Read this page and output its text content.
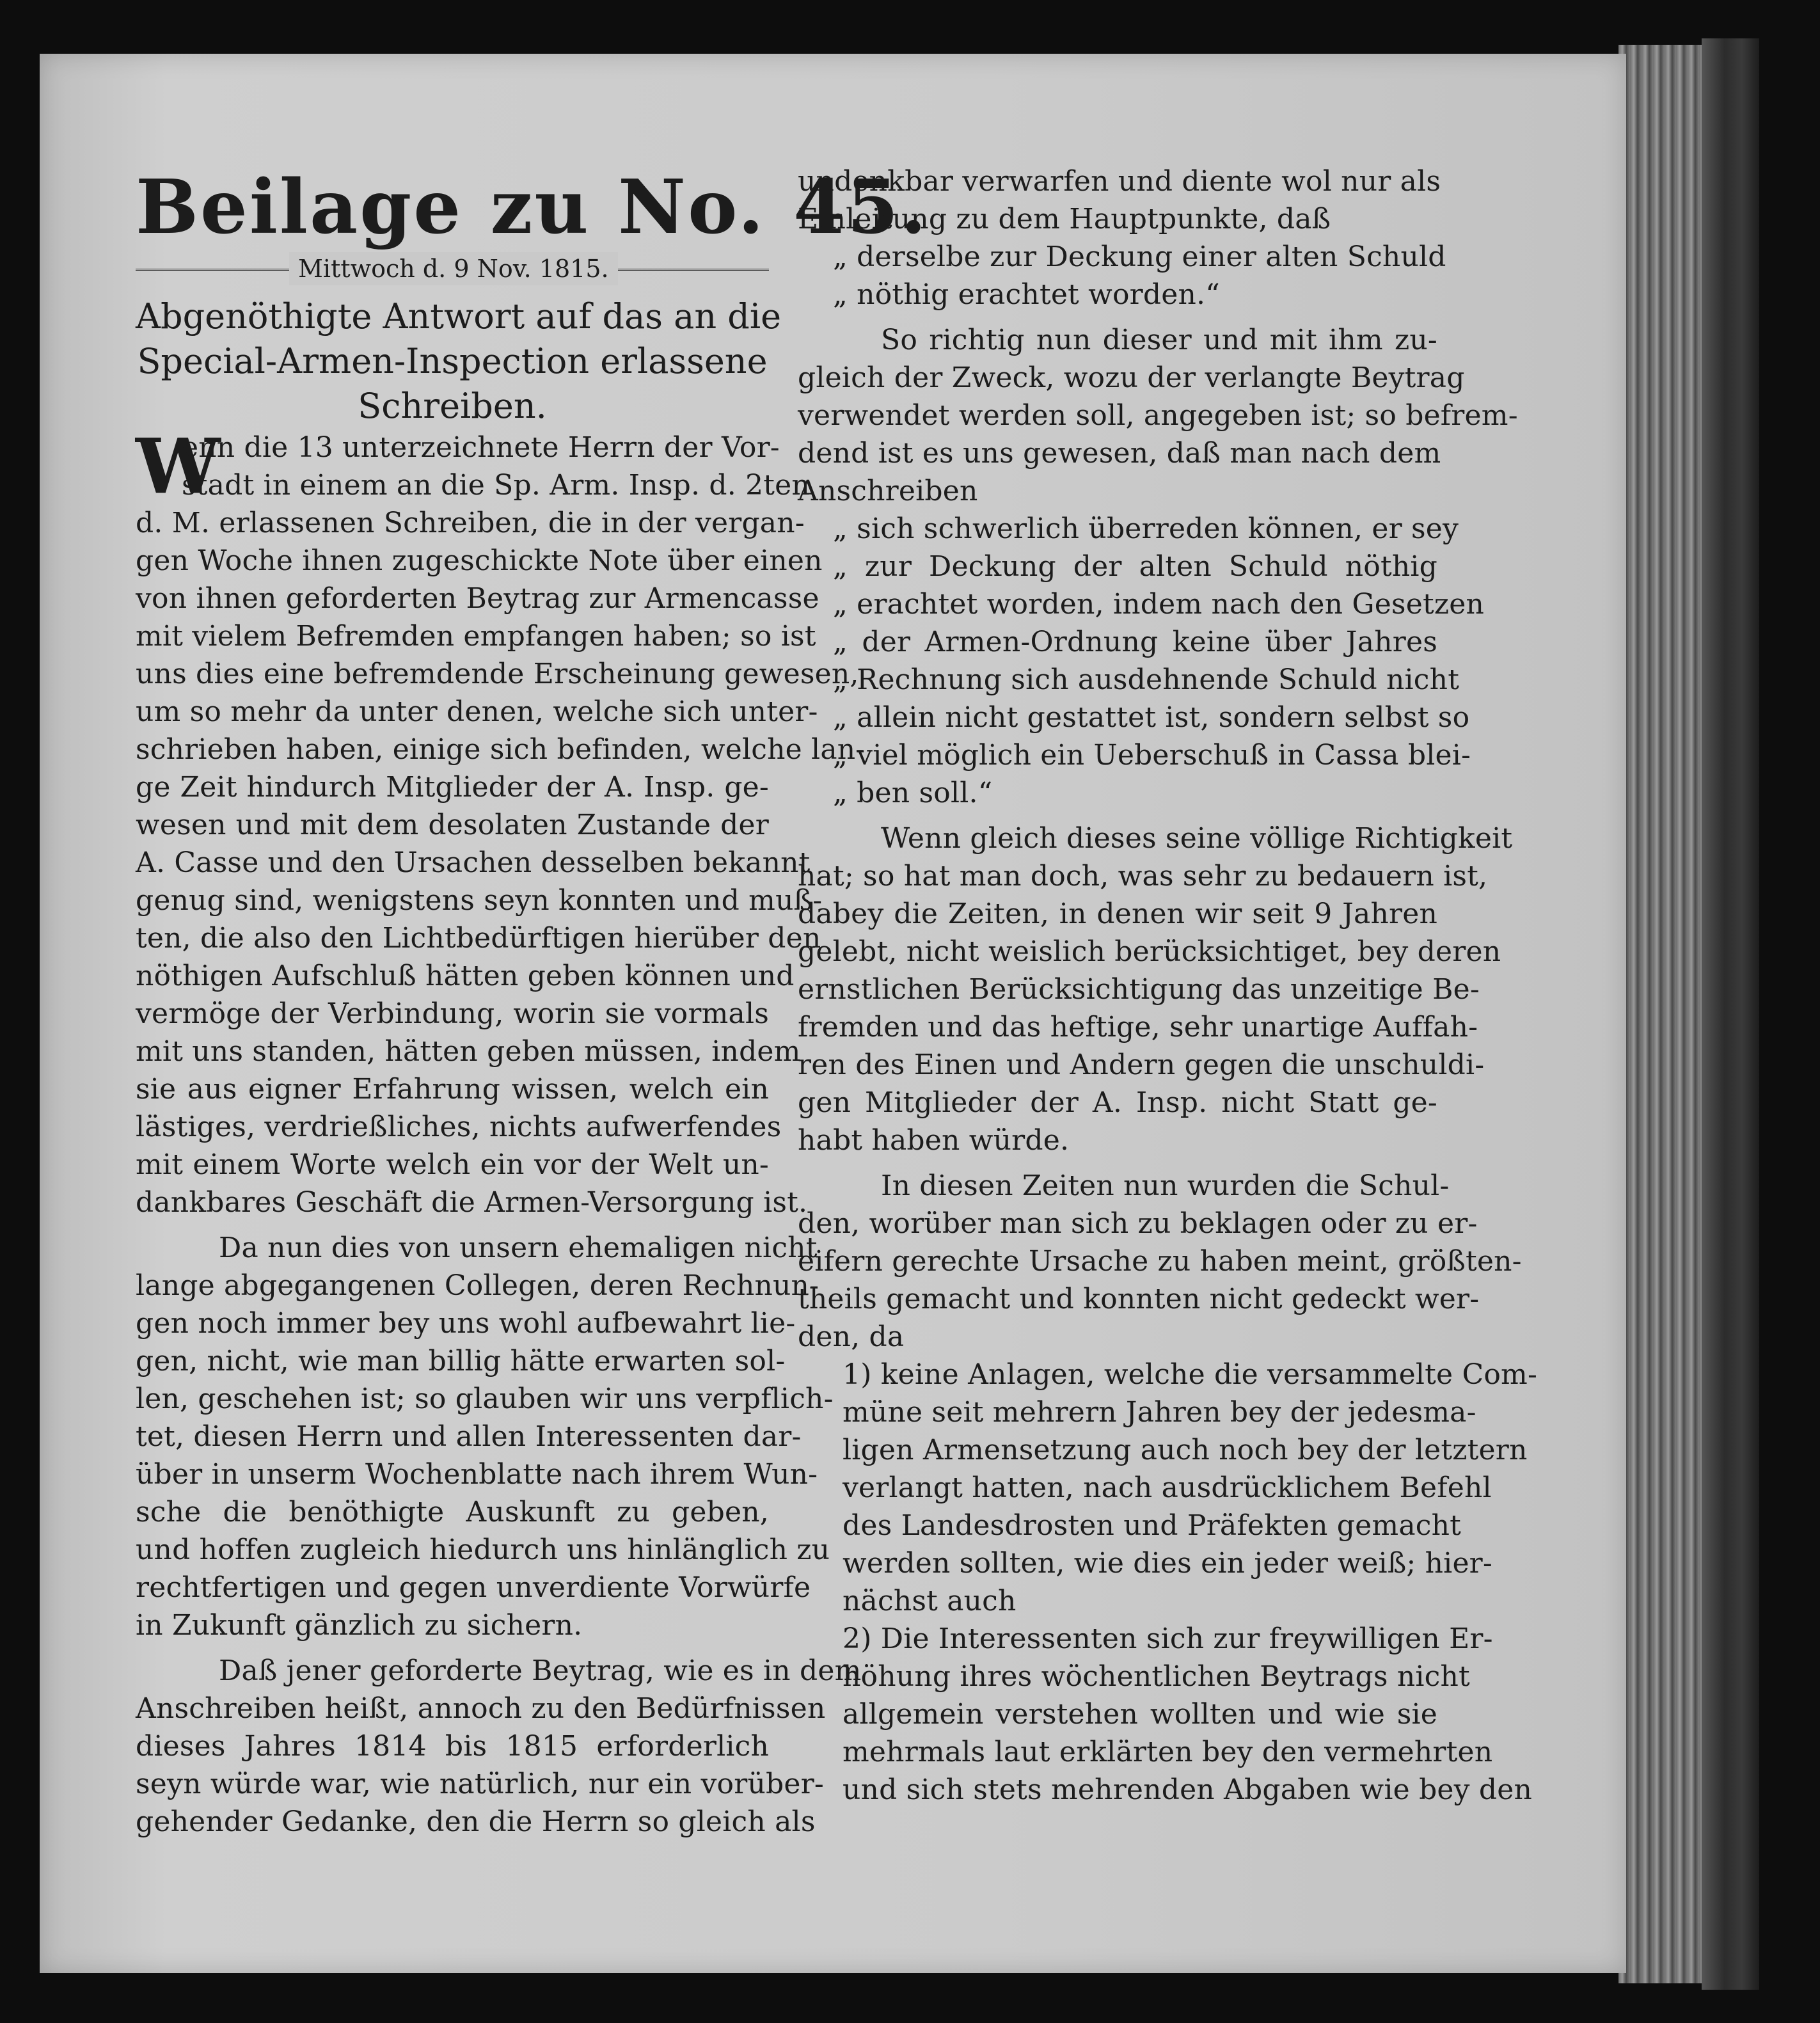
Beilage zu No. 45.
Mittwoch d. 9 Nov. 1815.
Abgenöthigte Antwort auf das an die
Special-Armen-Inspection erlassene
Schreiben.
W
enn die 13 unterzeichnete Herrn der Vor-
stadt in einem an die Sp. Arm. Insp. d. 2ten
d. M. erlassenen Schreiben, die in der vergan-
gen Woche ihnen zugeschickte Note über einen
von ihnen geforderten Beytrag zur Armencasse
mit vielem Befremden empfangen haben; so ist
uns dies eine befremdende Erscheinung gewesen,
um so mehr da unter denen, welche sich unter-
schrieben haben, einige sich befinden, welche lan-
ge Zeit hindurch Mitglieder der A. Insp. ge-
wesen und mit dem desolaten Zustande der
A. Casse und den Ursachen desselben bekannt
genug sind, wenigstens seyn konnten und muß-
ten, die also den Lichtbedürftigen hierüber den
nöthigen Aufschluß hätten geben können und
vermöge der Verbindung, worin sie vormals
mit uns standen, hätten geben müssen, indem
sie aus eigner Erfahrung wissen, welch ein
lästiges, verdrießliches, nichts aufwerfendes
mit einem Worte welch ein vor der Welt un-
dankbares Geschäft die Armen-Versorgung ist.
Da nun dies von unsern ehemaligen nicht
lange abgegangenen Collegen, deren Rechnun-
gen noch immer bey uns wohl aufbewahrt lie-
gen, nicht, wie man billig hätte erwarten sol-
len, geschehen ist; so glauben wir uns verpflich-
tet, diesen Herrn und allen Interessenten dar-
über in unserm Wochenblatte nach ihrem Wun-
sche die benöthigte Auskunft zu geben,
und hoffen zugleich hiedurch uns hinlänglich zu
rechtfertigen und gegen unverdiente Vorwürfe
in Zukunft gänzlich zu sichern.
Daß jener geforderte Beytrag, wie es in dem
Anschreiben heißt, annoch zu den Bedürfnissen
dieses Jahres 1814 bis 1815 erforderlich
seyn würde war, wie natürlich, nur ein vorüber-
gehender Gedanke, den die Herrn so gleich als
undenkbar verwarfen und diente wol nur als
Einleitung zu dem Hauptpunkte, daß
„ derselbe zur Deckung einer alten Schuld
„ nöthig erachtet worden.“
So richtig nun dieser und mit ihm zu-
gleich der Zweck, wozu der verlangte Beytrag
verwendet werden soll, angegeben ist; so befrem-
dend ist es uns gewesen, daß man nach dem
Anschreiben
„ sich schwerlich überreden können, er sey
„ zur Deckung der alten Schuld nöthig
„ erachtet worden, indem nach den Gesetzen
„ der Armen-Ordnung keine über Jahres
„ Rechnung sich ausdehnende Schuld nicht
„ allein nicht gestattet ist, sondern selbst so
„ viel möglich ein Ueberschuß in Cassa blei-
„ ben soll.“
Wenn gleich dieses seine völlige Richtigkeit
hat; so hat man doch, was sehr zu bedauern ist,
dabey die Zeiten, in denen wir seit 9 Jahren
gelebt, nicht weislich berücksichtiget, bey deren
ernstlichen Berücksichtigung das unzeitige Be-
fremden und das heftige, sehr unartige Auffah-
ren des Einen und Andern gegen die unschuldi-
gen Mitglieder der A. Insp. nicht Statt ge-
habt haben würde.
In diesen Zeiten nun wurden die Schul-
den, worüber man sich zu beklagen oder zu er-
eifern gerechte Ursache zu haben meint, größten-
theils gemacht und konnten nicht gedeckt wer-
den, da
1) keine Anlagen, welche die versammelte Com-
müne seit mehrern Jahren bey der jedesma-
ligen Armensetzung auch noch bey der letztern
verlangt hatten, nach ausdrücklichem Befehl
des Landesdrosten und Präfekten gemacht
werden sollten, wie dies ein jeder weiß; hier-
nächst auch
2) Die Interessenten sich zur freywilligen Er-
höhung ihres wöchentlichen Beytrags nicht
allgemein verstehen wollten und wie sie
mehrmals laut erklärten bey den vermehrten
und sich stets mehrenden Abgaben wie bey den
